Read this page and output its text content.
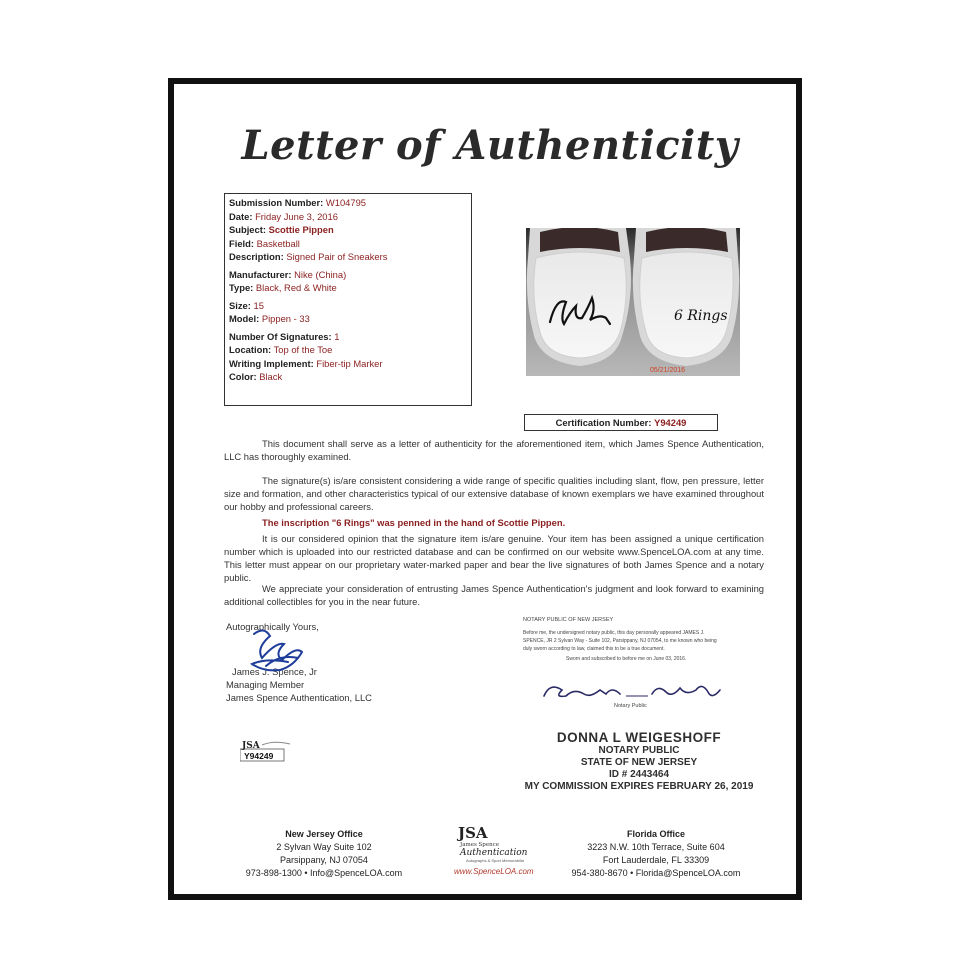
Letter of Authenticity
Submission Number: W104795
Date: Friday June 3, 2016
Subject: Scottie Pippen
Field: Basketball
Description: Signed Pair of Sneakers
Manufacturer: Nike (China)
Type: Black, Red & White
Size: 15
Model: Pippen - 33
Number Of Signatures: 1
Location: Top of the Toe
Writing Implement: Fiber-tip Marker
Color: Black
6 Rings
05/21/2016
Certification Number: Y94249
This document shall serve as a letter of authenticity for the aforementioned item, which James Spence Authentication, LLC has thoroughly examined.
The signature(s) is/are consistent considering a wide range of specific qualities including slant, flow, pen pressure, letter size and formation, and other characteristics typical of our extensive database of known exemplars we have examined throughout our hobby and professional careers.
The inscription "6 Rings" was penned in the hand of Scottie Pippen.
It is our considered opinion that the signature item is/are genuine. Your item has been assigned a unique certification number which is uploaded into our restricted database and can be confirmed on our website www.SpenceLOA.com at any time. This letter must appear on our proprietary water-marked paper and bear the live signatures of both James Spence and a notary public.
We appreciate your consideration of entrusting James Spence Authentication's judgment and look forward to examining additional collectibles for you in the near future.
Autographically Yours,
James J. Spence, Jr
Managing Member
James Spence Authentication, LLC
JSA
Y94249
NOTARY PUBLIC OF NEW JERSEY
Before me, the undersigned notary public, this day personally appeared JAMES J.
SPENCE, JR 2 Sylvan Way - Suite 102, Parsippany, NJ 07054, to me known who being
duly sworn according to law, claimed this to be a true document.
Sworn and subscribed to before me on June 03, 2016.
Notary Public
DONNA L WEIGESHOFF
NOTARY PUBLIC
STATE OF NEW JERSEY
ID # 2443464
MY COMMISSION EXPIRES FEBRUARY 26, 2019
New Jersey Office
2 Sylvan Way Suite 102
Parsippany, NJ 07054
973-898-1300 • Info@SpenceLOA.com
JSA
James Spence
Authentication
Autographs & Sport Memorabilia
www.SpenceLOA.com
Florida Office
3223 N.W. 10th Terrace, Suite 604
Fort Lauderdale, FL 33309
954-380-8670 • Florida@SpenceLOA.com
